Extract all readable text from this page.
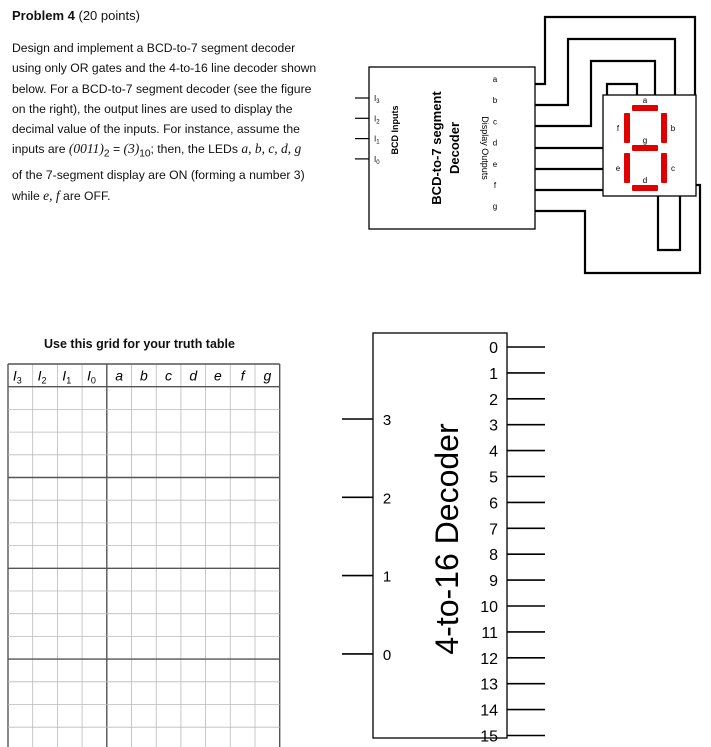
Problem 4 (20 points)
Design and implement a BCD-to-7 segment decoder
using only OR gates and the 4-to-16 line decoder shown
below. For a BCD-to-7 segment decoder (see the figure
on the right), the output lines are used to display the
decimal value of the inputs. For instance, assume the
inputs are $(0011)_2 = (3)_{10}$; then, the LEDs a, b, c, d, g
of the 7-segment display are ON (forming a number 3)
while e, f are OFF.
Use this grid for your truth table
$I_3$ $I_2$ $I_1$ $I_0$ a b c d e f g
BCD-to-7 segment Decoder
BCD Inputs	Display Outputs
$I_3$
$I_2$
$I_1$
$I_0$
a
b
c
d
e
f
g
a
b
c
d
e
f
g
4-to-16 Decoder
3
2
1
0
0
1
2
3
4
5
6
7
8
9
10
11
12
13
14
15
